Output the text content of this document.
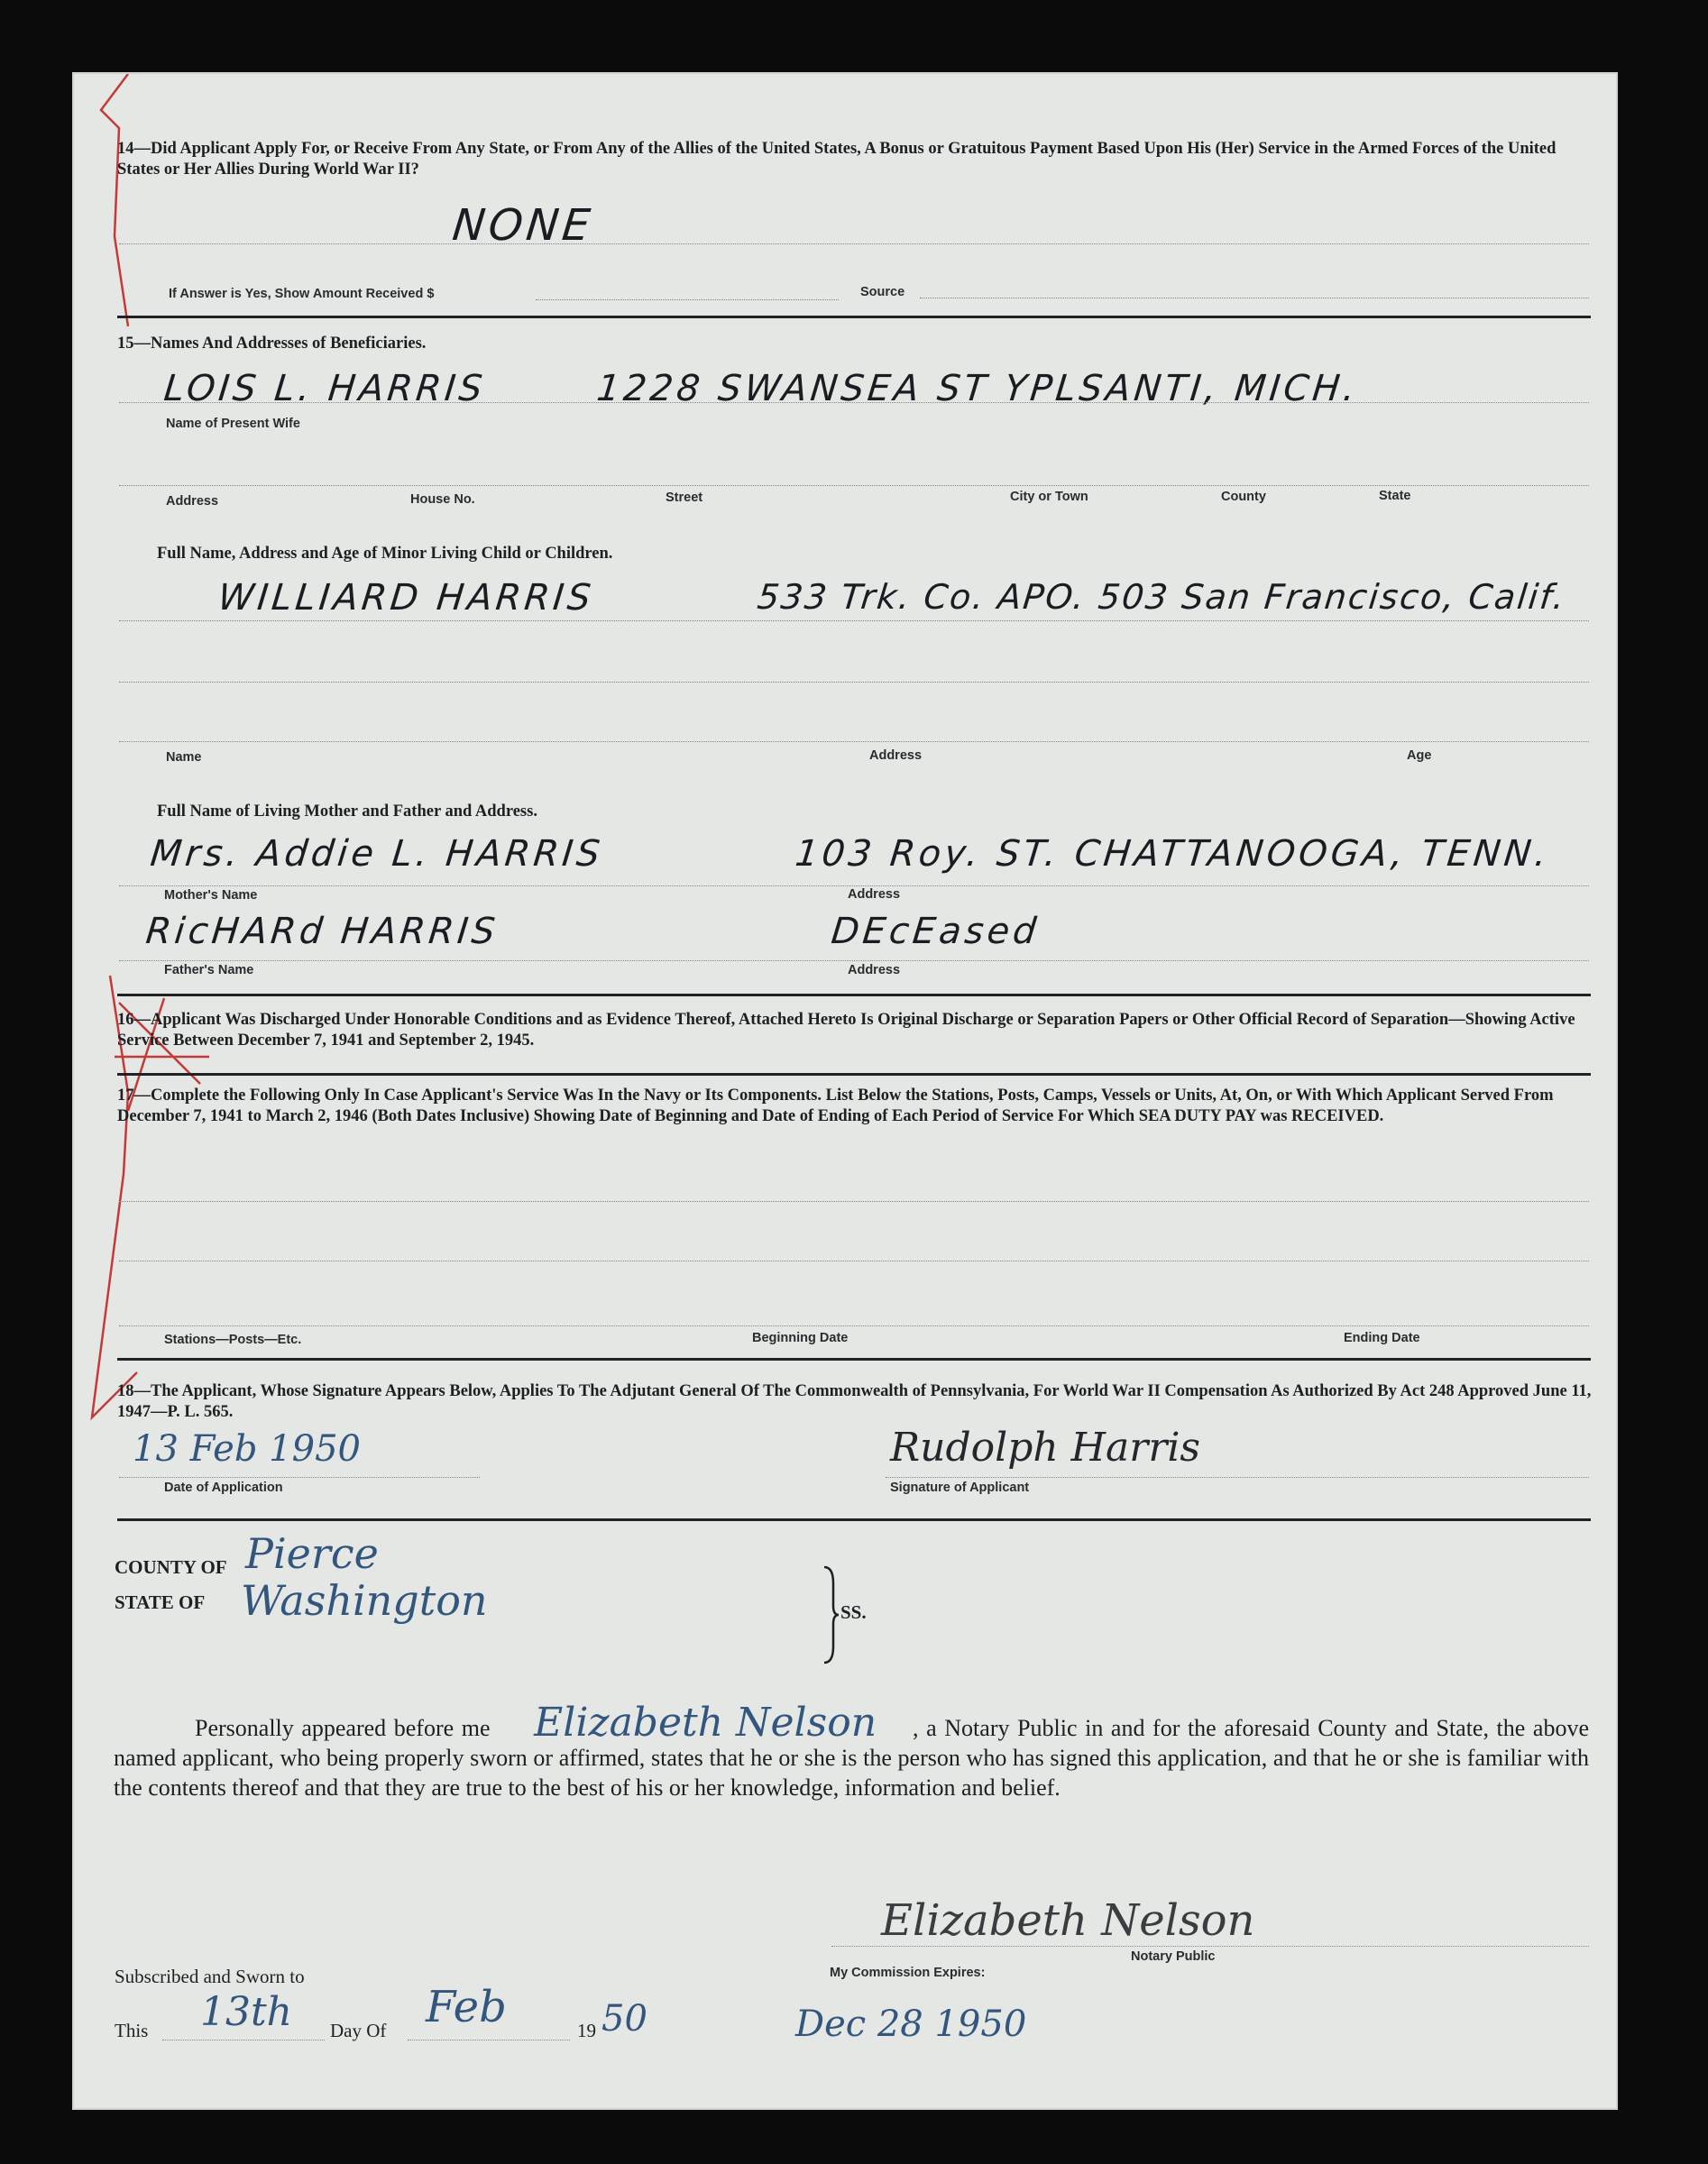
14—Did Applicant Apply For, or Receive From Any State, or From Any of the Allies of the United States, A Bonus or Gratuitous Payment Based Upon His (Her) Service in the Armed Forces of the United States or Her Allies During World War II?
NONE
If Answer is Yes, Show Amount Received $	Source
15—Names And Addresses of Beneficiaries.
LOIS L. HARRIS	1228 SWANSEA ST YPLSANTI, MICH.
Name of Present Wife
Address	House No.	Street	City or Town	County	State
Full Name, Address and Age of Minor Living Child or Children.
WILLIARD HARRIS	533 Trk. Co. APO. 503 San Francisco, Calif.
Name	Address	Age
Full Name of Living Mother and Father and Address.
Mrs. Addie L. HARRIS	103 Roy. ST. CHATTANOOGA, TENN.
Mother's Name	Address
RicHARd HARRIS	DEcEased
Father's Name	Address
16—Applicant Was Discharged Under Honorable Conditions and as Evidence Thereof, Attached Hereto Is Original Discharge or Separation Papers or Other Official Record of Separation—Showing Active Service Between December 7, 1941 and September 2, 1945.
17—Complete the Following Only In Case Applicant's Service Was In the Navy or Its Components. List Below the Stations, Posts, Camps, Vessels or Units, At, On, or With Which Applicant Served From December 7, 1941 to March 2, 1946 (Both Dates Inclusive) Showing Date of Beginning and Date of Ending of Each Period of Service For Which SEA DUTY PAY was RECEIVED.
Stations—Posts—Etc.	Beginning Date	Ending Date
18—The Applicant, Whose Signature Appears Below, Applies To The Adjutant General Of The Commonwealth of Pennsylvania, For World War II Compensation As Authorized By Act 248 Approved June 11, 1947—P. L. 565.
13 Feb 1950
Date of Application
Rudolph Harris
Signature of Applicant
COUNTY OF Pierce
STATE OF Washington	SS.
Personally appeared before me Elizabeth Nelson , a Notary Public in and for the aforesaid County and State, the above named applicant, who being properly sworn or affirmed, states that he or she is the person who has signed this application, and that he or she is familiar with the contents thereof and that they are true to the best of his or her knowledge, information and belief.
Elizabeth Nelson
Notary Public
Subscribed and Sworn to	My Commission Expires:
This 13th Day Of Feb	19 50	Dec 28 1950
